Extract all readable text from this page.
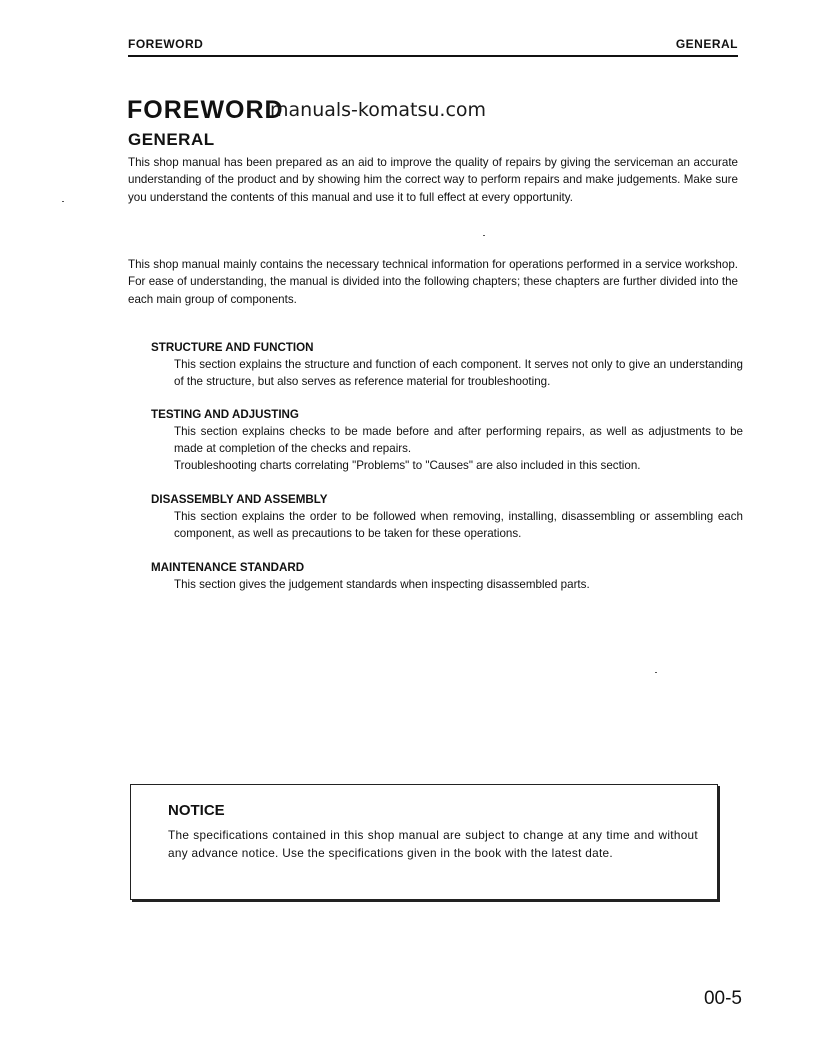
FOREWORD	GENERAL
FOREWORD
manuals-komatsu.com
GENERAL
This shop manual has been prepared as an aid to improve the quality of repairs by giving the serviceman an accurate understanding of the product and by showing him the correct way to perform repairs and make judgements. Make sure you understand the contents of this manual and use it to full effect at every opportunity.
This shop manual mainly contains the necessary technical information for operations performed in a service workshop. For ease of understanding, the manual is divided into the following chapters; these chapters are further divided into the each main group of components.
STRUCTURE AND FUNCTION
This section explains the structure and function of each component. It serves not only to give an understanding of the structure, but also serves as reference material for troubleshooting.
TESTING AND ADJUSTING
This section explains checks to be made before and after performing repairs, as well as adjustments to be made at completion of the checks and repairs.
Troubleshooting charts correlating "Problems" to "Causes" are also included in this section.
DISASSEMBLY AND ASSEMBLY
This section explains the order to be followed when removing, installing, disassembling or assembling each component, as well as precautions to be taken for these operations.
MAINTENANCE STANDARD
This section gives the judgement standards when inspecting disassembled parts.
NOTICE
The specifications contained in this shop manual are subject to change at any time and without any advance notice. Use the specifications given in the book with the latest date.
00-5
